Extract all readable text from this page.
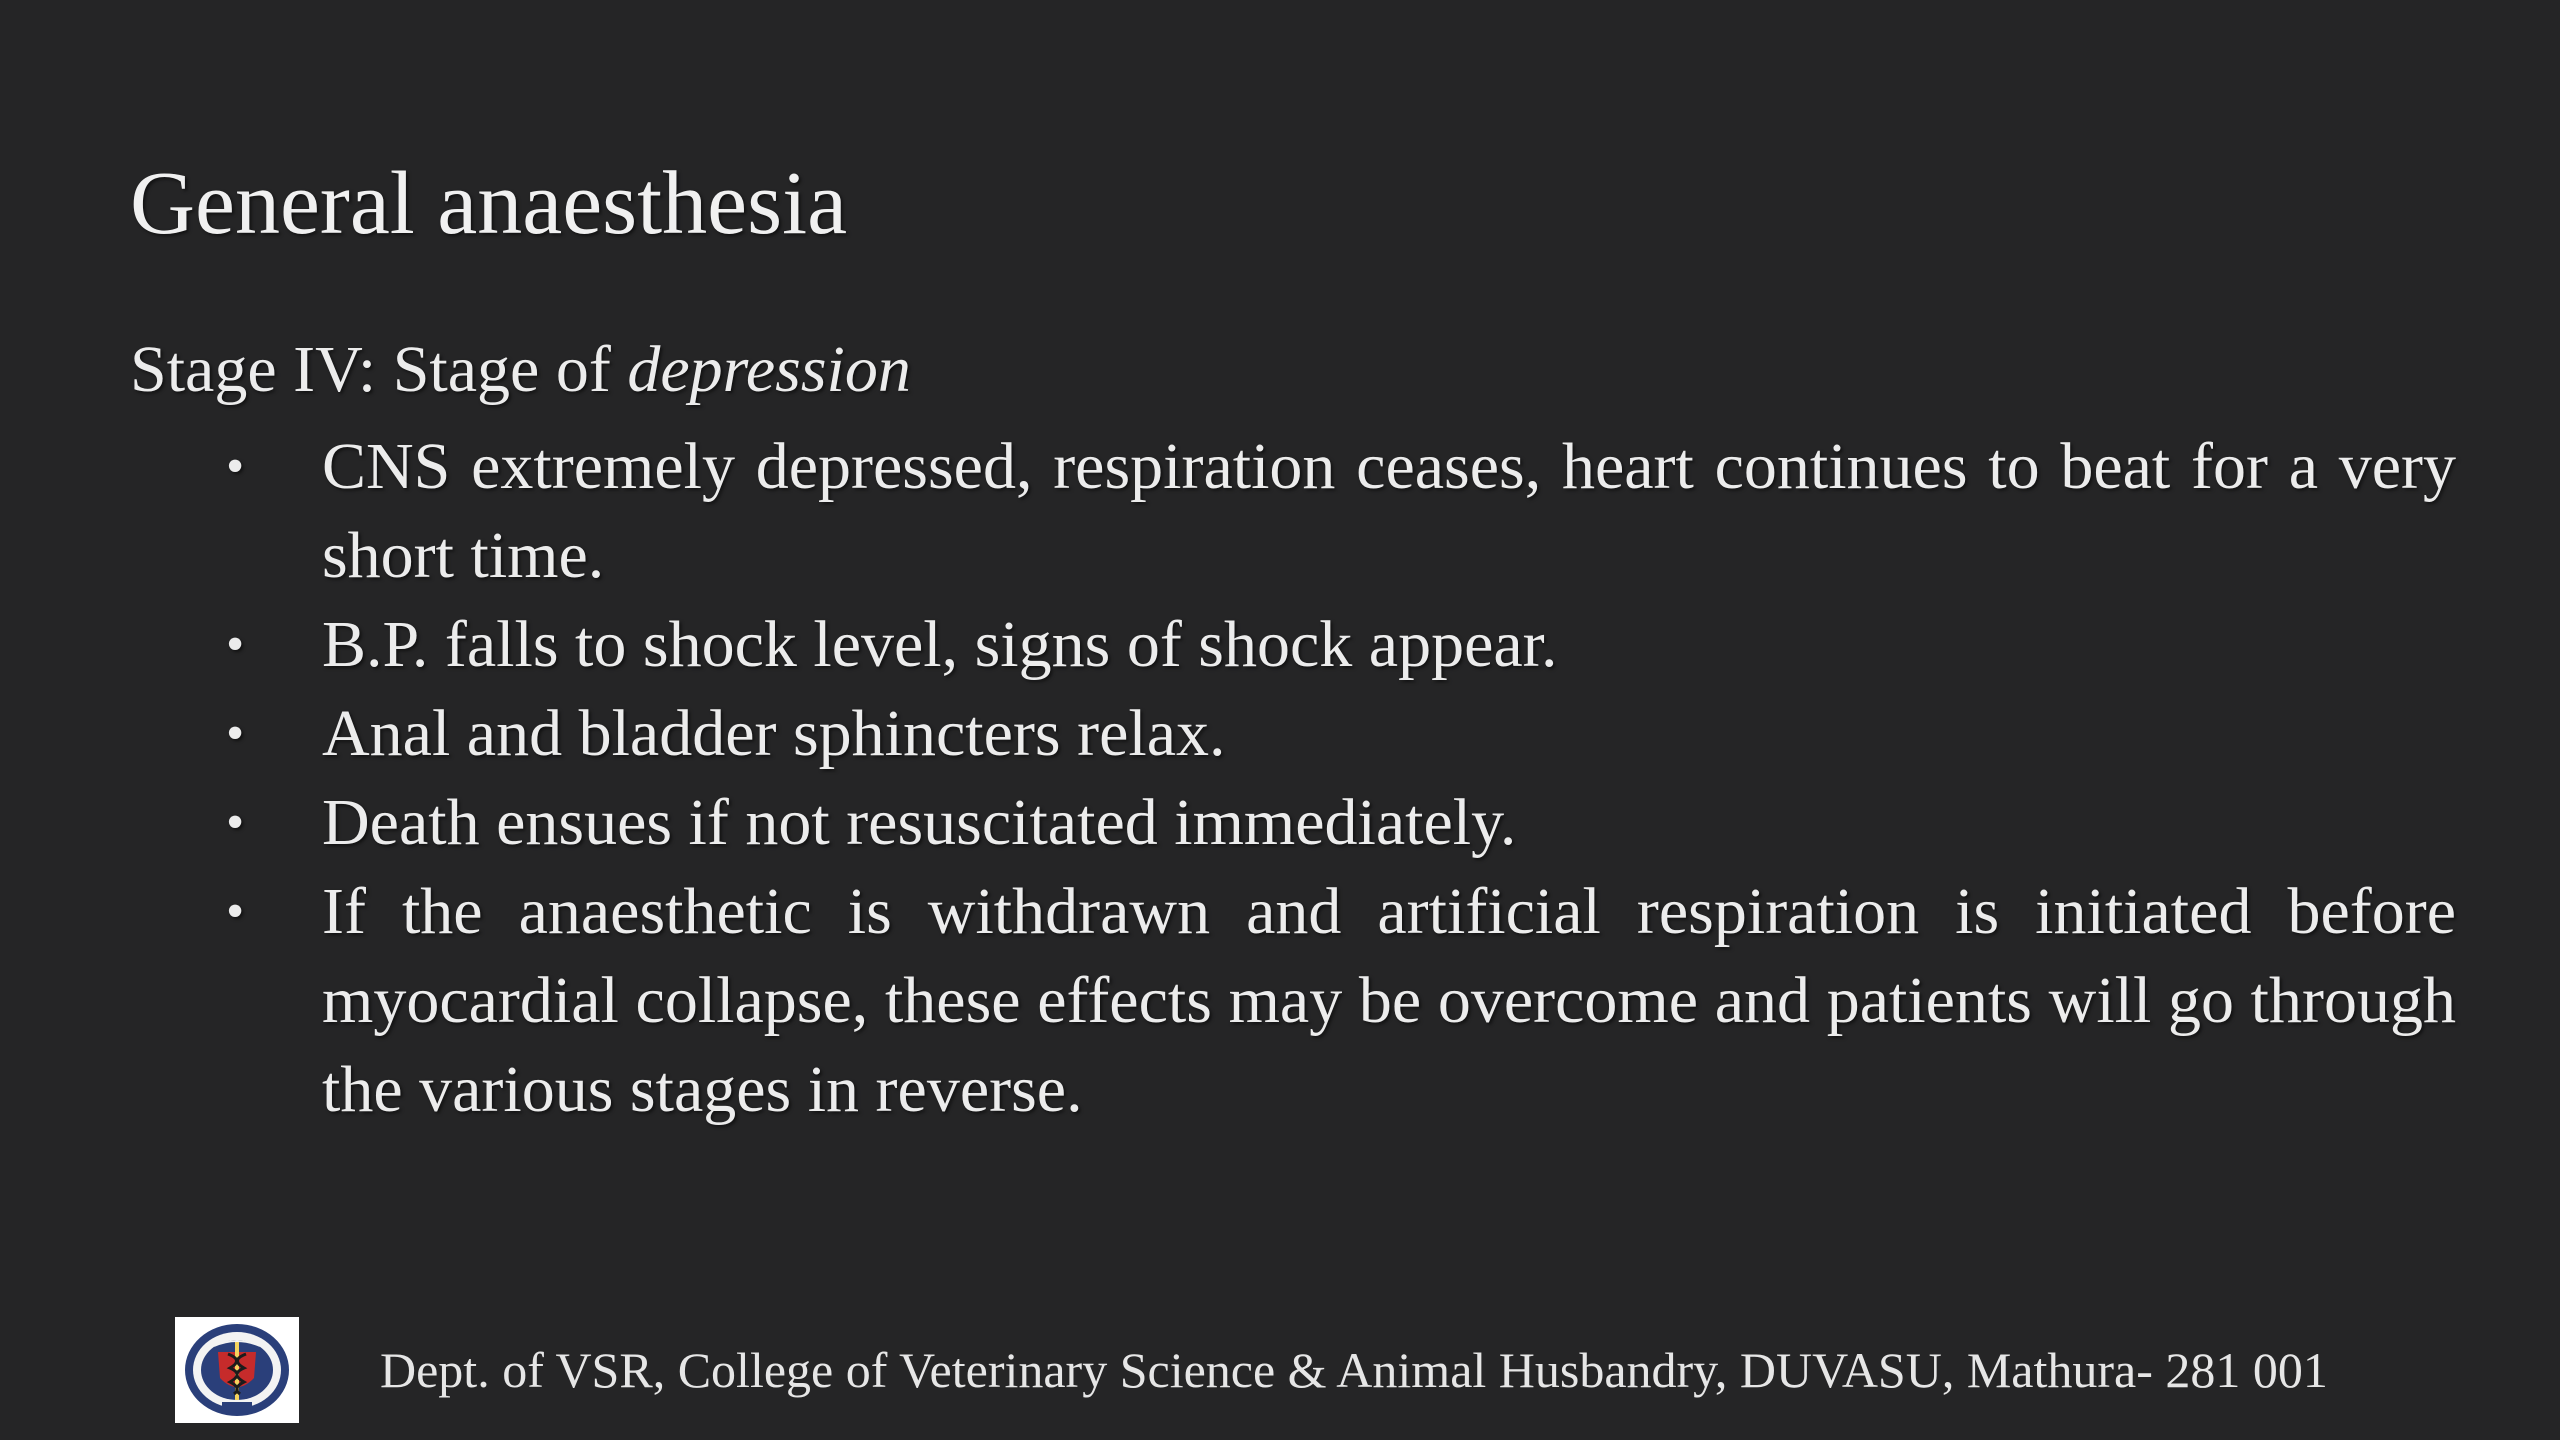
General anaesthesia

Stage IV: Stage of depression

• CNS extremely depressed, respiration ceases, heart continues to beat for a very short time.
• B.P. falls to shock level, signs of shock appear.
• Anal and bladder sphincters relax.
• Death ensues if not resuscitated immediately.
• If the anaesthetic is withdrawn and artificial respiration is initiated before myocardial collapse, these effects may be overcome and patients will go through the various stages in reverse.
Dept. of VSR, College of Veterinary Science & Animal Husbandry, DUVASU, Mathura- 281 001
